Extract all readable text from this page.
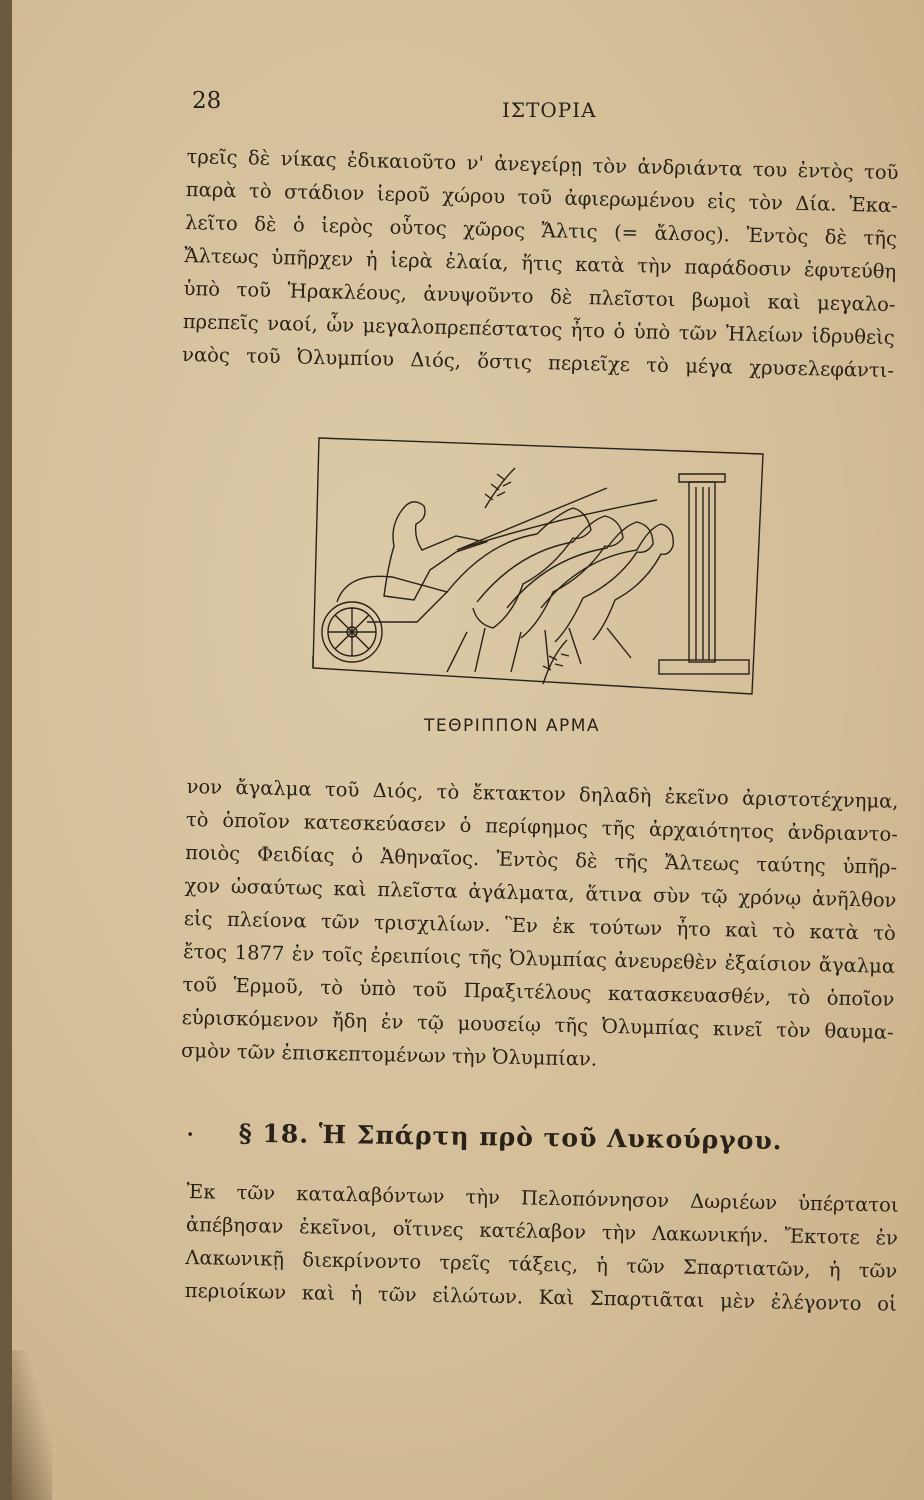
28	ΙΣΤΟΡΙΑ
τρεῖς δὲ νίκας ἐδικαιοῦτο ν' ἀνεγείρῃ τὸν ἀνδριάντα του ἐντὸς τοῦ
παρὰ τὸ στάδιον ἱεροῦ χώρου τοῦ ἀφιερωμένου εἰς τὸν Δία. Ἐκα-
λεῖτο δὲ ὁ ἱερὸς οὗτος χῶρος Ἄλτις (= ἄλσος). Ἐντὸς δὲ τῆς
Ἄλτεως ὑπῆρχεν ἡ ἱερὰ ἐλαία, ἥτις κατὰ τὴν παράδοσιν ἐφυτεύθη
ὑπὸ τοῦ Ἡρακλέους, ἀνυψοῦντο δὲ πλεῖστοι βωμοὶ καὶ μεγαλο-
πρεπεῖς ναοί, ὧν μεγαλοπρεπέστατος ἦτο ὁ ὑπὸ τῶν Ἠλείων ἱδρυθεὶς
ναὸς τοῦ Ὀλυμπίου Διός, ὅστις περιεῖχε τὸ μέγα χρυσελεφάντι-
ΤΕΘΡΙΠΠΟΝ ΑΡΜΑ
νον ἄγαλμα τοῦ Διός, τὸ ἔκτακτον δηλαδὴ ἐκεῖνο ἀριστοτέχνημα,
τὸ ὁποῖον κατεσκεύασεν ὁ περίφημος τῆς ἀρχαιότητος ἀνδριαντο-
ποιὸς Φειδίας ὁ Ἀθηναῖος. Ἐντὸς δὲ τῆς Ἄλτεως ταύτης ὑπῆρ-
χον ὡσαύτως καὶ πλεῖστα ἀγάλματα, ἅτινα σὺν τῷ χρόνῳ ἀνῆλθον
εἰς πλείονα τῶν τρισχιλίων. Ἓν ἐκ τούτων ἦτο καὶ τὸ κατὰ τὸ
ἔτος 1877 ἐν τοῖς ἐρειπίοις τῆς Ὀλυμπίας ἀνευρεθὲν ἐξαίσιον ἄγαλμα
τοῦ Ἑρμοῦ, τὸ ὑπὸ τοῦ Πραξιτέλους κατασκευασθέν, τὸ ὁποῖον
εὑρισκόμενον ἤδη ἐν τῷ μουσείῳ τῆς Ὀλυμπίας κινεῖ τὸν θαυμα-
σμὸν τῶν ἐπισκεπτομένων τὴν Ὀλυμπίαν.
· § 18. Ἡ Σπάρτη πρὸ τοῦ Λυκούργου.
Ἐκ τῶν καταλαβόντων τὴν Πελοπόννησον Δωριέων ὑπέρτατοι
ἀπέβησαν ἐκεῖνοι, οἵτινες κατέλαβον τὴν Λακωνικήν. Ἔκτοτε ἐν
Λακωνικῇ διεκρίνοντο τρεῖς τάξεις, ἡ τῶν Σπαρτιατῶν, ἡ τῶν
περιοίκων καὶ ἡ τῶν εἱλώτων. Καὶ Σπαρτιᾶται μὲν ἐλέγοντο οἱ
